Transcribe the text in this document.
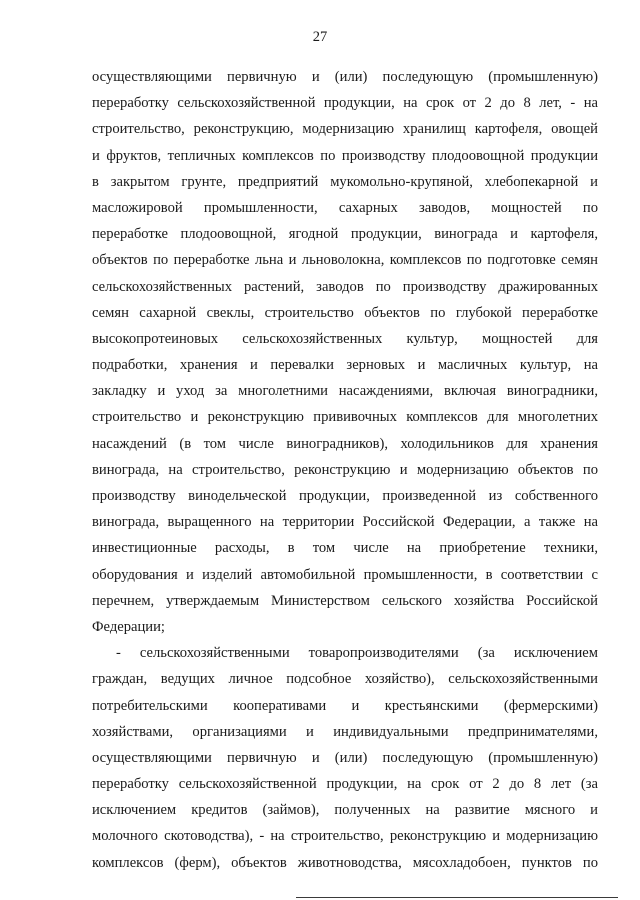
27
осуществляющими первичную и (или) последующую (промышленную)
переработку сельскохозяйственной продукции, на срок от 2 до 8 лет, - на
строительство, реконструкцию, модернизацию хранилищ картофеля, овощей
и фруктов, тепличных комплексов по производству плодоовощной продукции
в закрытом грунте, предприятий мукомольно-крупяной, хлебопекарной и
масложировой промышленности, сахарных заводов, мощностей по
переработке плодоовощной, ягодной продукции, винограда и картофеля,
объектов по переработке льна и льноволокна, комплексов по подготовке семян
сельскохозяйственных растений, заводов по производству дражированных
семян сахарной свеклы, строительство объектов по глубокой переработке
высокопротеиновых сельскохозяйственных культур, мощностей для
подработки, хранения и перевалки зерновых и масличных культур, на
закладку и уход за многолетними насаждениями, включая виноградники,
строительство и реконструкцию прививочных комплексов для многолетних
насаждений (в том числе виноградников), холодильников для хранения
винограда, на строительство, реконструкцию и модернизацию объектов по
производству винодельческой продукции, произведенной из собственного
винограда, выращенного на территории Российской Федерации, а также на
инвестиционные расходы, в том числе на приобретение техники,
оборудования и изделий автомобильной промышленности, в соответствии с
перечнем, утверждаемым Министерством сельского хозяйства Российской
Федерации;
- сельскохозяйственными товаропроизводителями (за исключением
граждан, ведущих личное подсобное хозяйство), сельскохозяйственными
потребительскими кооперативами и крестьянскими (фермерскими)
хозяйствами, организациями и индивидуальными предпринимателями,
осуществляющими первичную и (или) последующую (промышленную)
переработку сельскохозяйственной продукции, на срок от 2 до 8 лет (за
исключением кредитов (займов), полученных на развитие мясного и
молочного скотоводства), - на строительство, реконструкцию и модернизацию
комплексов (ферм), объектов животноводства, мясохладобоен, пунктов по
